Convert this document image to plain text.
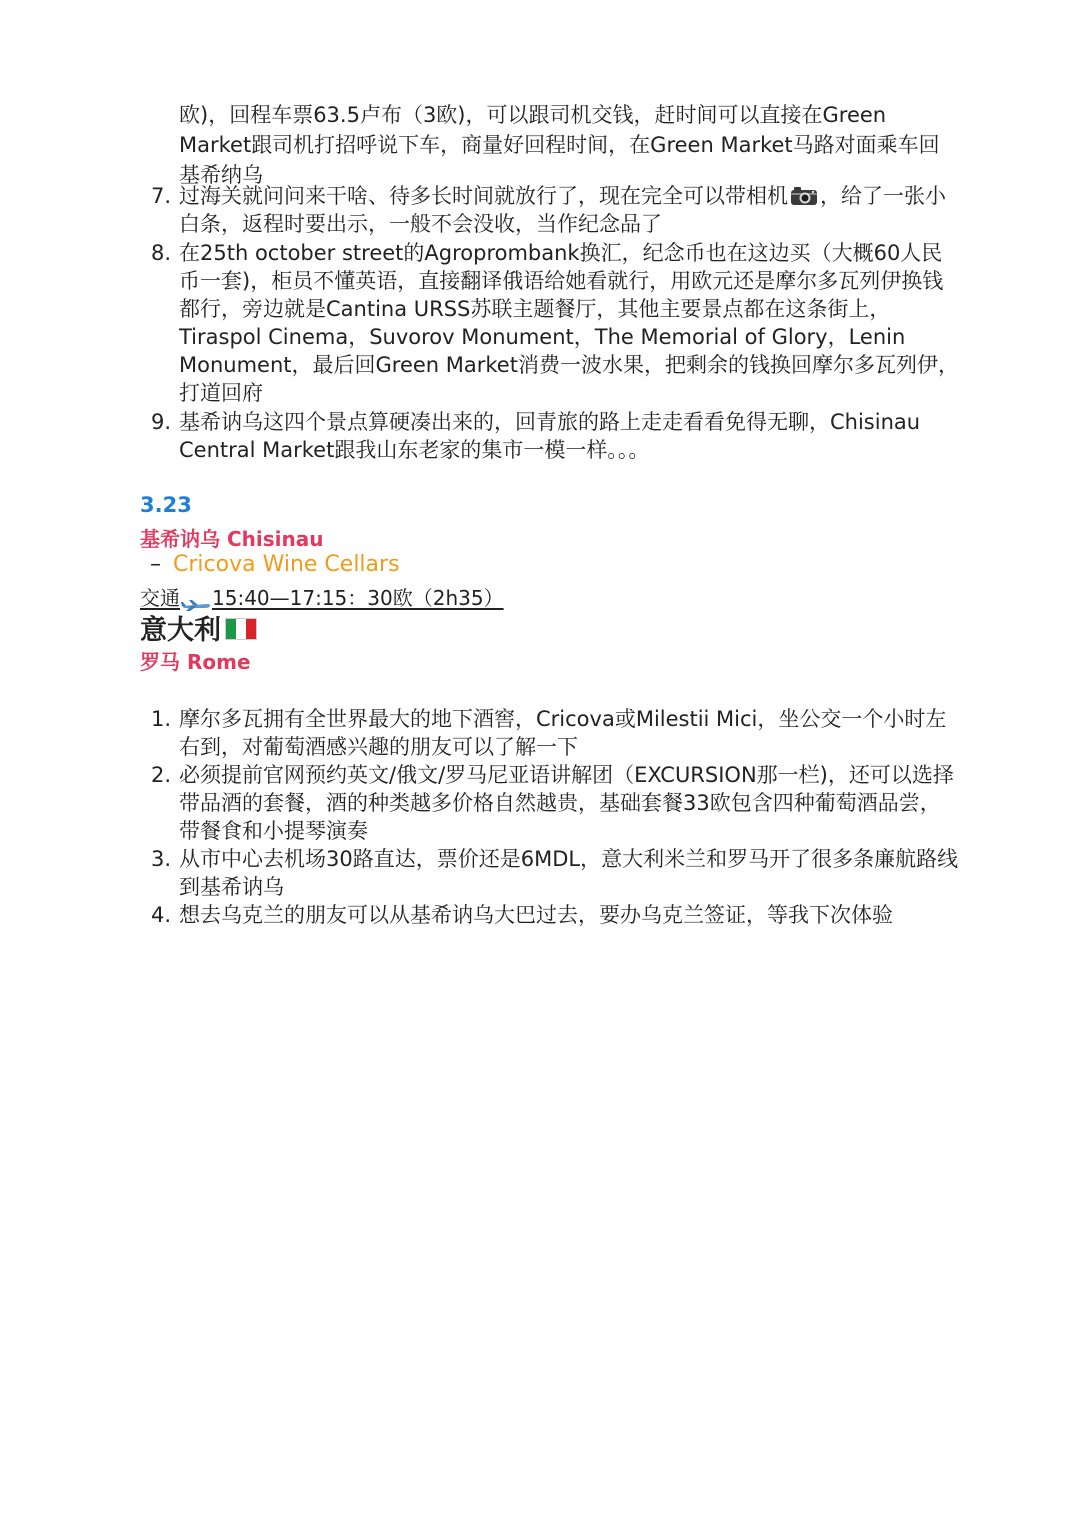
欧)，回程车票63.5卢布（3欧)，可以跟司机交钱，赶时间可以直接在Green Market跟司机打招呼说下车，商量好回程时间，在Green Market马路对面乘车回基希纳乌
7. 过海关就问问来干啥、待多长时间就放行了，现在完全可以带相机 ，给了一张小白条，返程时要出示，一般不会没收，当作纪念品了
8. 在25th october street的Agroprombank换汇，纪念币也在这边买（大概60人民币一套)，柜员不懂英语，直接翻译俄语给她看就行，用欧元还是摩尔多瓦列伊换钱都行，旁边就是Cantina URSS苏联主题餐厅，其他主要景点都在这条街上，Tiraspol Cinema，Suvorov Monument，The Memorial of Glory，Lenin Monument，最后回Green Market消费一波水果，把剩余的钱换回摩尔多瓦列伊，打道回府
9. 基希讷乌这四个景点算硬凑出来的，回青旅的路上走走看看免得无聊，Chisinau Central Market跟我山东老家的集市一模一样。。。
3.23
基希讷乌 Chisinau
– Cricova Wine Cellars
交通 15:40—17:15：30欧（2h35）
意大利
罗马 Rome
1. 摩尔多瓦拥有全世界最大的地下酒窖，Cricova或Milestii Mici，坐公交一个小时左右到，对葡萄酒感兴趣的朋友可以了解一下
2. 必须提前官网预约英文/俄文/罗马尼亚语讲解团（EXCURSION那一栏)，还可以选择带品酒的套餐，酒的种类越多价格自然越贵，基础套餐33欧包含四种葡萄酒品尝，带餐食和小提琴演奏
3. 从市中心去机场30路直达，票价还是6MDL，意大利米兰和罗马开了很多条廉航路线到基希讷乌
4. 想去乌克兰的朋友可以从基希讷乌大巴过去，要办乌克兰签证，等我下次体验
